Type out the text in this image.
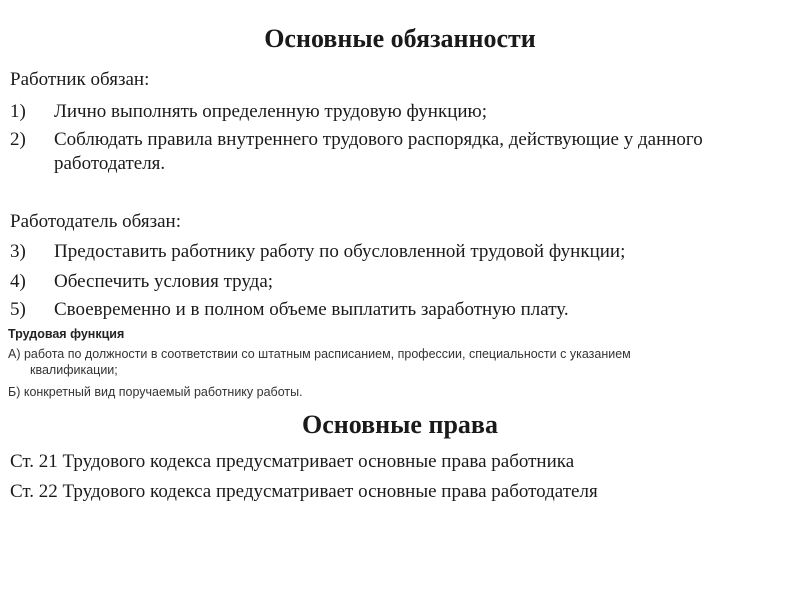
Основные обязанности
Работник обязан:
1)	Лично выполнять определенную трудовую функцию;
2)	Соблюдать правила внутреннего трудового распорядка, действующие у данного работодателя.
Работодатель обязан:
3)	Предоставить работнику работу по обусловленной трудовой функции;
4)	Обеспечить условия труда;
5)	Своевременно и в полном объеме выплатить заработную плату.
Трудовая функция
А) работа по должности в соответствии со штатным расписанием, профессии, специальности с указанием
квалификации;
Б) конкретный вид поручаемый работнику работы.
Основные права
Ст. 21 Трудового кодекса предусматривает основные права работника
Ст. 22 Трудового кодекса предусматривает основные права работодателя
